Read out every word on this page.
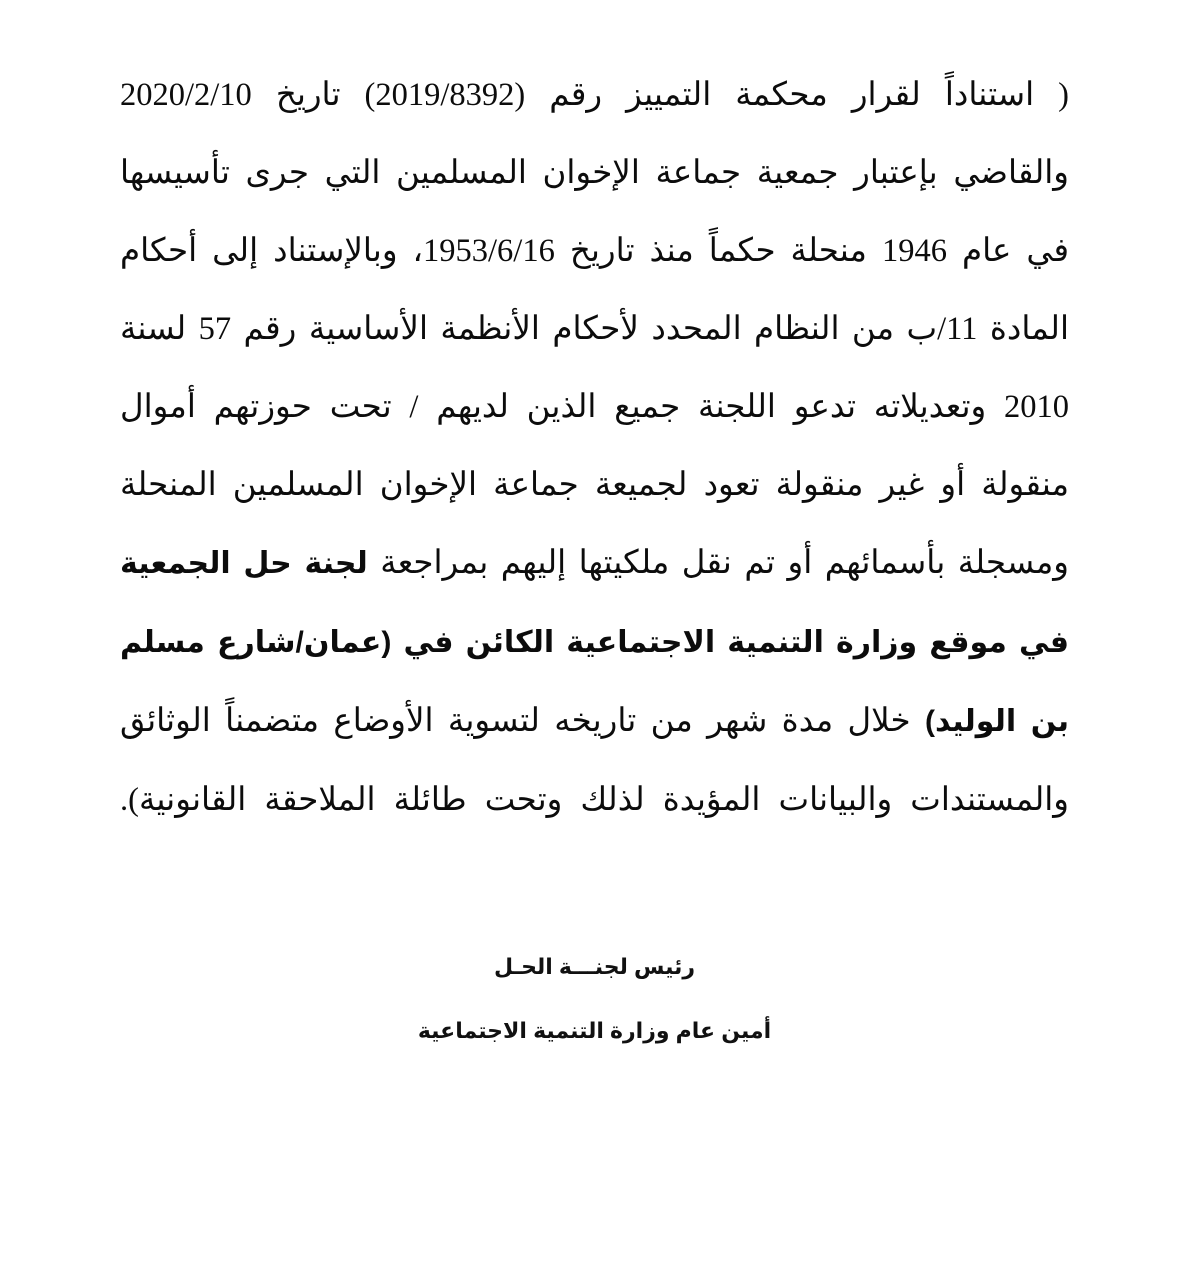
( استناداً لقرار محكمة التمييز رقم (2019/8392) تاريخ 2020/2/10 والقاضي بإعتبار جمعية جماعة الإخوان المسلمين التي جرى تأسيسها في عام 1946 منحلة حكماً منذ تاريخ 1953/6/16، وبالإستناد إلى أحكام المادة 11/ب من النظام المحدد لأحكام الأنظمة الأساسية رقم 57 لسنة 2010 وتعديلاته تدعو اللجنة جميع الذين لديهم / تحت حوزتهم أموال منقولة أو غير منقولة تعود لجميعة جماعة الإخوان المسلمين المنحلة ومسجلة بأسمائهم أو تم نقل ملكيتها إليهم بمراجعة لجنة حل الجمعية في موقع وزارة التنمية الاجتماعية الكائن في (عمان/شارع مسلم بن الوليد) خلال مدة شهر من تاريخه لتسوية الأوضاع متضمناً الوثائق والمستندات والبيانات المؤيدة لذلك وتحت طائلة الملاحقة القانونية).

رئيس لجنـــة الحـل

أمين عام وزارة التنمية الاجتماعية
